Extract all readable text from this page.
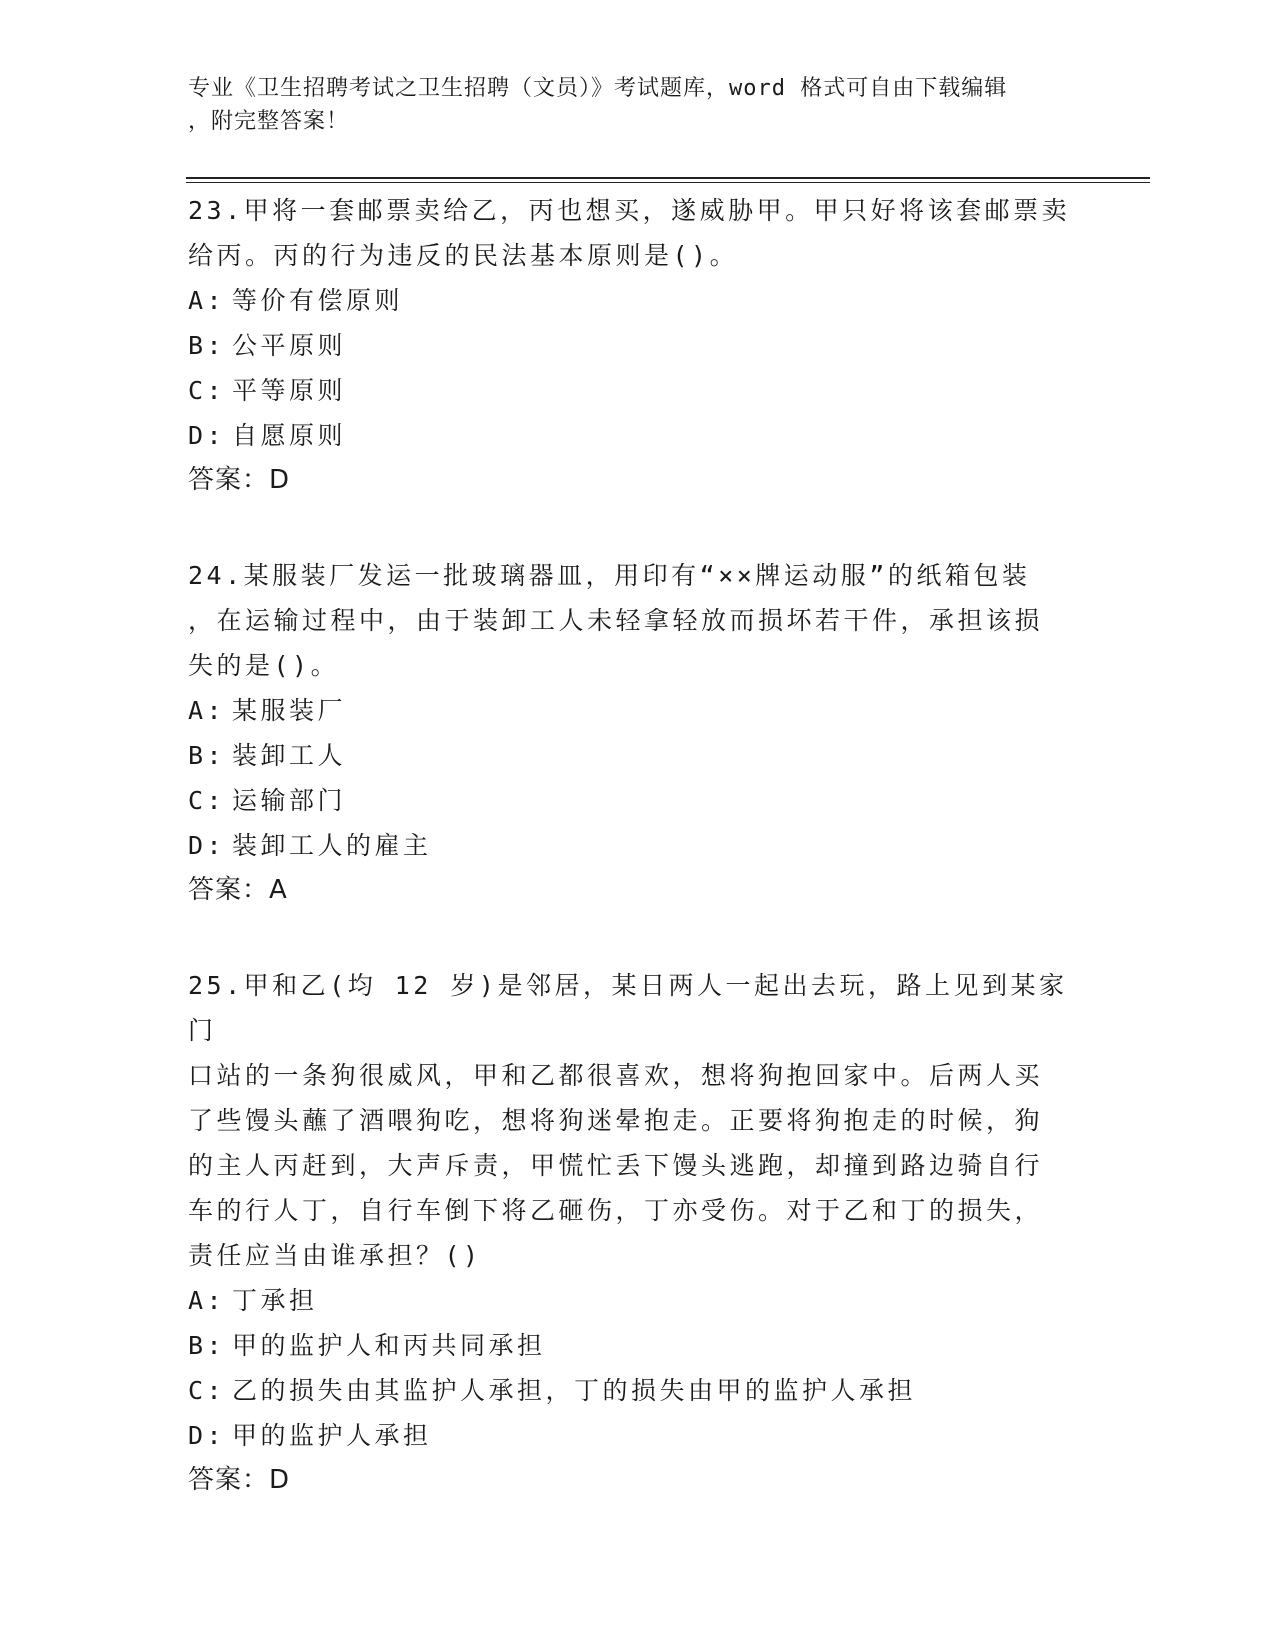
专业《卫生招聘考试之卫生招聘（文员）》考试题库，word 格式可自由下载编辑
，附完整答案！

23.甲将一套邮票卖给乙，丙也想买，遂威胁甲。甲只好将该套邮票卖
给丙。丙的行为违反的民法基本原则是()。

A: 等价有偿原则

B: 公平原则

C: 平等原则

D: 自愿原则

答案：D

24.某服装厂发运一批玻璃器皿，用印有“××牌运动服”的纸箱包装
，在运输过程中，由于装卸工人未轻拿轻放而损坏若干件，承担该损
失的是()。

A: 某服装厂

B: 装卸工人

C: 运输部门

D: 装卸工人的雇主

答案：A

25.甲和乙(均 12 岁)是邻居，某日两人一起出去玩，路上见到某家门
口站的一条狗很威风，甲和乙都很喜欢，想将狗抱回家中。后两人买
了些馒头蘸了酒喂狗吃，想将狗迷晕抱走。正要将狗抱走的时候，狗
的主人丙赶到，大声斥责，甲慌忙丢下馒头逃跑，却撞到路边骑自行
车的行人丁，自行车倒下将乙砸伤，丁亦受伤。对于乙和丁的损失，
责任应当由谁承担？()

A: 丁承担

B: 甲的监护人和丙共同承担

C: 乙的损失由其监护人承担，丁的损失由甲的监护人承担

D: 甲的监护人承担

答案：D
